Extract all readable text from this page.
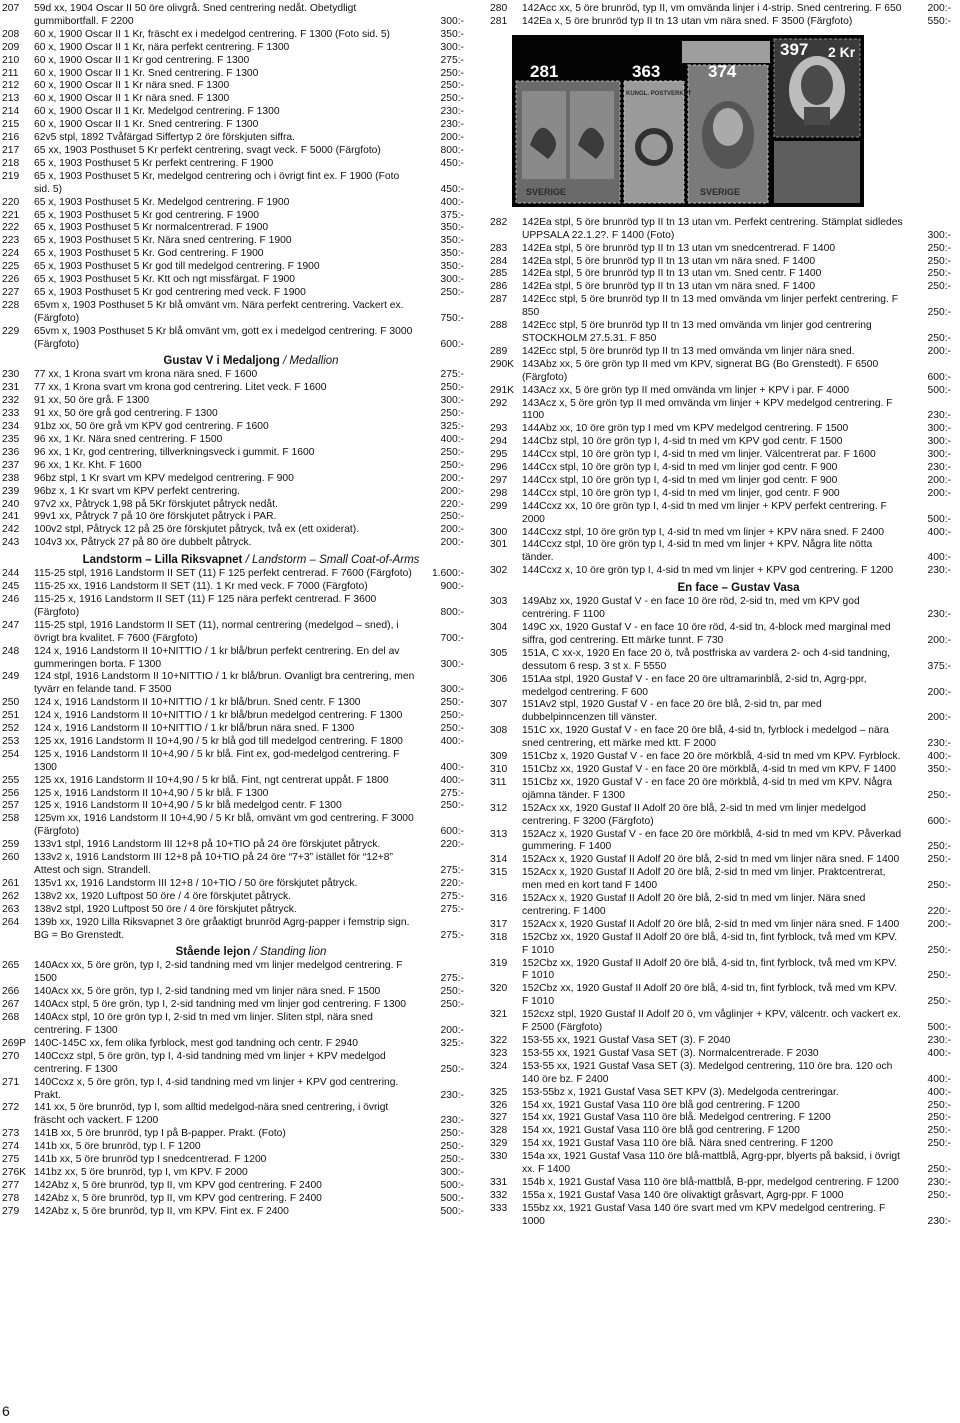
207 59d xx, 1904 Oscar II 50 öre olivgrå. Sned centrering nedåt. Obetydligt gummibortfall. F 2200	300:-
208 60 x, 1900 Oscar II 1 Kr, fräscht ex i medelgod centrering. F 1300 (Foto sid. 5)	350:-
209 60 x, 1900 Oscar II 1 Kr, nära perfekt centrering. F 1300	300:-
210 60 x, 1900 Oscar II 1 Kr god centrering. F 1300	275:-
211 60 x, 1900 Oscar II 1 Kr. Sned centrering. F 1300	250:-
212 60 x, 1900 Oscar II 1 Kr nära sned. F 1300	250:-
213 60 x, 1900 Oscar II 1 Kr nära sned. F 1300	250:-
214 60 x, 1900 Oscar II 1 Kr. Medelgod centrering. F 1300	230:-
215 60 x, 1900 Oscar II 1 Kr. Sned centrering. F 1300	230:-
216 62v5 stpl, 1892 Tvåfärgad Siffertyp 2 öre förskjuten siffra.	200:-
217 65 xx, 1903 Posthuset 5 Kr perfekt centrering, svagt veck. F 5000 (Färgfoto)	800:-
218 65 x, 1903 Posthuset 5 Kr perfekt centrering. F 1900	450:-
219 65 x, 1903 Posthuset 5 Kr, medelgod centrering och i övrigt fint ex. F 1900 (Foto sid. 5)	450:-
220 65 x, 1903 Posthuset 5 Kr. Medelgod centrering. F 1900	400:-
221 65 x, 1903 Posthuset 5 Kr god centrering. F 1900	375:-
222 65 x, 1903 Posthuset 5 Kr normalcentrerad. F 1900	350:-
223 65 x, 1903 Posthuset 5 Kr. Nära sned centrering. F 1900	350:-
224 65 x, 1903 Posthuset 5 Kr. God centrering. F 1900	350:-
225 65 x, 1903 Posthuset 5 Kr god till medelgod centrering. F 1900	350:-
226 65 x, 1903 Posthuset 5 Kr. Ktt och ngt missfärgat. F 1900	300:-
227 65 x, 1903 Posthuset 5 Kr god centrering med veck. F 1900	250:-
228 65vm x, 1903 Posthuset 5 Kr blå omvänt vm. Nära perfekt centrering. Vackert ex. (Färgfoto)	750:-
229 65vm x, 1903 Posthuset 5 Kr blå omvänt vm, gott ex i medelgod centrering. F 3000 (Färgfoto)	600:-
Gustav V i Medaljong / Medallion
230 77 xx, 1 Krona svart vm krona nära sned. F 1600	275:-
231 77 xx, 1 Krona svart vm krona god centrering. Litet veck. F 1600	250:-
232 91 xx, 50 öre grå. F 1300	300:-
233 91 xx, 50 öre grå god centrering. F 1300	250:-
234 91bz xx, 50 öre grå vm KPV god centrering. F 1600	325:-
235 96 xx, 1 Kr. Nära sned centrering. F 1500	400:-
236 96 xx, 1 Kr, god centrering, tillverkningsveck i gummit. F 1600	250:-
237 96 xx, 1 Kr. Kht. F 1600	250:-
238 96bz stpl, 1 Kr svart vm KPV medelgod centrering. F 900	200:-
239 96bz x, 1 Kr svart vm KPV perfekt centrering.	200:-
240 97v2 xx, Påtryck 1,98 på 5Kr förskjutet påtryck nedåt.	220:-
241 99v1 xx, Påtryck 7 på 10 öre förskjutet påtryck i PAR.	250:-
242 100v2 stpl, Påtryck 12 på 25 öre förskjutet påtryck, två ex (ett oxiderat).	200:-
243 104v3 xx, Påtryck 27 på 80 öre dubbelt påtryck.	200:-
Landstorm – Lilla Riksvapnet / Landstorm – Small Coat-of-Arms
244 115-25 stpl, 1916 Landstorm II SET (11) F 125 perfekt centrerad. F 7600 (Färgfoto)	1.600:-
245 115-25 xx, 1916 Landstorm II SET (11). 1 Kr med veck. F 7000 (Färgfoto)	900:-
246 115-25 x, 1916 Landstorm II SET (11) F 125 nära perfekt centrerad. F 3600 (Färgfoto)	800:-
247 115-25 stpl, 1916 Landstorm II SET (11), normal centrering (medelgod – sned), i övrigt bra kvalitet. F 7600 (Färgfoto)	700:-
248 124 x, 1916 Landstorm II 10+NITTIO / 1 kr blå/brun perfekt centrering. En del av gummeringen borta. F 1300	300:-
249 124 stpl, 1916 Landstorm II 10+NITTIO / 1 kr blå/brun. Ovanligt bra centrering, men tyvärr en felande tand. F 3500	300:-
250 124 x, 1916 Landstorm II 10+NITTIO / 1 kr blå/brun. Sned centr. F 1300	250:-
251 124 x, 1916 Landstorm II 10+NITTIO / 1 kr blå/brun medelgod centrering. F 1300	250:-
252 124 x, 1916 Landstorm II 10+NITTIO / 1 kr blå/brun nära sned. F 1300	250:-
253 125 xx, 1916 Landstorm II 10+4,90 / 5 kr blå god till medelgod centrering. F 1800	400:-
254 125 x, 1916 Landstorm II 10+4,90 / 5 kr blå. Fint ex, god-medelgod centrering. F 1300	400:-
255 125 xx, 1916 Landstorm II 10+4,90 / 5 kr blå. Fint, ngt centrerat uppåt. F 1800	400:-
256 125 x, 1916 Landstorm II 10+4,90 / 5 kr blå. F 1300	275:-
257 125 x, 1916 Landstorm II 10+4,90 / 5 kr blå medelgod centr. F 1300	250:-
258 125vm xx, 1916 Landstorm II 10+4,90 / 5 Kr blå, omvänt vm god centrering. F 3000 (Färgfoto)	600:-
259 133v1 stpl, 1916 Landstorm III 12+8 på 10+TIO på 24 öre förskjutet påtryck.	220:-
260 133v2 x, 1916 Landstorm III 12+8 på 10+TIO på 24 öre “7+3” istället för “12+8” Attest och sign. Strandell.	275:-
261 135v1 xx, 1916 Landstorm III 12+8 / 10+TIO / 50 öre förskjutet påtryck.	220:-
262 138v2 xx, 1920 Luftpost 50 öre / 4 öre förskjutet påtryck.	275:-
263 138v2 stpl, 1920 Luftpost 50 öre / 4 öre förskjutet påtryck.	275:-
264 139b xx, 1920 Lilla Riksvapnet 3 öre gråaktigt brunröd Agrg-papper i femstrip sign. BG = Bo Grenstedt.	275:-
Stående lejon / Standing lion
265 140Acx xx, 5 öre grön, typ I, 2-sid tandning med vm linjer medelgod centrering. F 1500	275:-
266 140Acx xx, 5 öre grön, typ I, 2-sid tandning med vm linjer nära sned. F 1500	250:-
267 140Acx stpl, 5 öre grön, typ I, 2-sid tandning med vm linjer god centrering. F 1300	250:-
268 140Acx stpl, 10 öre grön typ I, 2-sid tn med vm linjer. Sliten stpl, nära sned centrering. F 1300	200:-
269P 140C-145C xx, fem olika fyrblock, mest god tandning och centr. F 2940	325:-
270 140Ccxz stpl, 5 öre grön, typ I, 4-sid tandning med vm linjer + KPV medelgod centrering. F 1300	250:-
271 140Ccxz x, 5 öre grön, typ I, 4-sid tandning med vm linjer + KPV god centrering. Prakt.	230:-
272 141 xx, 5 öre brunröd, typ I, som alltid medelgod-nära sned centrering, i övrigt fräscht och vackert. F 1200	230:-
273 141B xx, 5 öre brunröd, typ I på B-papper. Prakt. (Foto)	250:-
274 141b xx, 5 öre brunröd, typ I. F 1200	250:-
275 141b xx, 5 öre brunröd typ I snedcentrerad. F 1200	250:-
276K 141bz xx, 5 öre brunröd, typ I, vm KPV. F 2000	300:-
277 142Abz x, 5 öre brunröd, typ II, vm KPV god centrering. F 2400	500:-
278 142Abz x, 5 öre brunröd, typ II, vm KPV god centrering. F 2400	500:-
279 142Abz x, 5 öre brunröd, typ II, vm KPV. Fint ex. F 2400	500:-
280 142Acc xx, 5 öre brunröd, typ II, vm omvända linjer i 4-strip. Sned centrering. F 650	200:-
281 142Ea x, 5 öre brunröd typ II tn 13 utan vm nära sned. F 3500 (Färgfoto)	550:-
397 2 Kr
281	363	374
SVERIGE
KUNGL. POSTVERKET
SVERIGE
282 142Ea stpl, 5 öre brunröd typ II tn 13 utan vm. Perfekt centrering. Stämplat sidledes UPPSALA 22.1.2?. F 1400 (Foto)	300:-
283 142Ea stpl, 5 öre brunröd typ II tn 13 utan vm snedcentrerad. F 1400	250:-
284 142Ea stpl, 5 öre brunröd typ II tn 13 utan vm nära sned. F 1400	250:-
285 142Ea stpl, 5 öre brunröd typ II tn 13 utan vm. Sned centr. F 1400	250:-
286 142Ea stpl, 5 öre brunröd typ II tn 13 utan vm nära sned. F 1400	250:-
287 142Ecc stpl, 5 öre brunröd typ II tn 13 med omvända vm linjer perfekt centrering. F 850	250:-
288 142Ecc stpl, 5 öre brunröd typ II tn 13 med omvända vm linjer god centrering STOCKHOLM 27.5.31. F 850	250:-
289 142Ecc stpl, 5 öre brunröd typ II tn 13 med omvända vm linjer nära sned.	200:-
290K 143Abz xx, 5 öre grön typ II med vm KPV, signerat BG (Bo Grenstedt). F 6500 (Färgfoto)	600:-
291K 143Acz xx, 5 öre grön typ II med omvända vm linjer + KPV i par. F 4000	500:-
292 143Acz x, 5 öre grön typ II med omvända vm linjer + KPV medelgod centrering. F 1100	230:-
293 144Abz xx, 10 öre grön typ I med vm KPV medelgod centrering. F 1500	300:-
294 144Cbz stpl, 10 öre grön typ I, 4-sid tn med vm KPV god centr. F 1500	300:-
295 144Ccx stpl, 10 öre grön typ I, 4-sid tn med vm linjer. Välcentrerat par. F 1600	300:-
296 144Ccx stpl, 10 öre grön typ I, 4-sid tn med vm linjer god centr. F 900	230:-
297 144Ccx stpl, 10 öre grön typ I, 4-sid tn med vm linjer god centr. F 900	200:-
298 144Ccx stpl, 10 öre grön typ I, 4-sid tn med vm linjer, god centr. F 900	200:-
299 144Ccxz xx, 10 öre grön typ I, 4-sid tn med vm linjer + KPV perfekt centrering. F 2000	500:-
300 144Ccxz stpl, 10 öre grön typ I, 4-sid tn med vm linjer + KPV nära sned. F 2400	400:-
301 144Ccxz stpl, 10 öre grön typ I, 4-sid tn med vm linjer + KPV. Några lite nötta tänder.	400:-
302 144Ccxz x, 10 öre grön typ I, 4-sid tn med vm linjer + KPV god centrering. F 1200	230:-
En face – Gustav Vasa
303 149Abz xx, 1920 Gustaf V - en face 10 öre röd, 2-sid tn, med vm KPV god centrering. F 1100	230:-
304 149C xx, 1920 Gustaf V - en face 10 öre röd, 4-sid tn, 4-block med marginal med siffra, god centrering. Ett märke tunnt. F 730	200:-
305 151A, C xx-x, 1920 En face 20 ö, två postfriska av vardera 2- och 4-sid tandning, dessutom 6 resp. 3 st x. F 5550	375:-
306 151Aa stpl, 1920 Gustaf V - en face 20 öre ultramarinblå, 2-sid tn, Agrg-ppr, medelgod centrering. F 600	200:-
307 151Av2 stpl, 1920 Gustaf V - en face 20 öre blå, 2-sid tn, par med dubbelpinncenzen till vänster.	200:-
308 151C xx, 1920 Gustaf V - en face 20 öre blå, 4-sid tn, fyrblock i medelgod – nära sned centrering, ett märke med ktt. F 2000	230:-
309 151Cbz x, 1920 Gustaf V - en face 20 öre mörkblå, 4-sid tn med vm KPV. Fyrblock.	400:-
310 151Cbz xx, 1920 Gustaf V - en face 20 öre mörkblå, 4-sid tn med vm KPV. F 1400	350:-
311 151Cbz xx, 1920 Gustaf V - en face 20 öre mörkblå, 4-sid tn med vm KPV. Några ojämna tänder. F 1300	250:-
312 152Acx xx, 1920 Gustaf II Adolf 20 öre blå, 2-sid tn med vm linjer medelgod centrering. F 3200 (Färgfoto)	600:-
313 152Acz x, 1920 Gustaf V - en face 20 öre mörkblå, 4-sid tn med vm KPV. Påverkad gummering. F 1400	250:-
314 152Acx x, 1920 Gustaf II Adolf 20 öre blå, 2-sid tn med vm linjer nära sned. F 1400	250:-
315 152Acx x, 1920 Gustaf II Adolf 20 öre blå, 2-sid tn med vm linjer. Praktcentrerat, men med en kort tand F 1400	250:-
316 152Acx x, 1920 Gustaf II Adolf 20 öre blå, 2-sid tn med vm linjer. Nära sned centrering. F 1400	220:-
317 152Acx x, 1920 Gustaf II Adolf 20 öre blå, 2-sid tn med vm linjer nära sned. F 1400	200:-
318 152Cbz xx, 1920 Gustaf II Adolf 20 öre blå, 4-sid tn, fint fyrblock, två med vm KPV. F 1010	250:-
319 152Cbz xx, 1920 Gustaf II Adolf 20 öre blå, 4-sid tn, fint fyrblock, två med vm KPV. F 1010	250:-
320 152Cbz xx, 1920 Gustaf II Adolf 20 öre blå, 4-sid tn, fint fyrblock, två med vm KPV. F 1010	250:-
321 152cxz stpl, 1920 Gustaf II Adolf 20 ö, vm våglinjer + KPV, välcentr. och vackert ex. F 2500 (Färgfoto)	500:-
322 153-55 xx, 1921 Gustaf Vasa SET (3). F 2040	230:-
323 153-55 xx, 1921 Gustaf Vasa SET (3). Normalcentrerade. F 2030	400:-
324 153-55 xx, 1921 Gustaf Vasa SET (3). Medelgod centrering, 110 öre bra. 120 och 140 öre bz. F 2400	400:-
325 153-55bz x, 1921 Gustaf Vasa SET KPV (3). Medelgoda centreringar.	400:-
326 154 xx, 1921 Gustaf Vasa 110 öre blå god centrering. F 1200	250:-
327 154 xx, 1921 Gustaf Vasa 110 öre blå. Medelgod centrering. F 1200	250:-
328 154 xx, 1921 Gustaf Vasa 110 öre blå god centrering. F 1200	250:-
329 154 xx, 1921 Gustaf Vasa 110 öre blå. Nära sned centrering. F 1200	250:-
330 154a xx, 1921 Gustaf Vasa 110 öre blå-mattblå, Agrg-ppr, blyerts på baksid, i övrigt xx. F 1400	250:-
331 154b x, 1921 Gustaf Vasa 110 öre blå-mattblå, B-ppr, medelgod centrering. F 1200	230:-
332 155a x, 1921 Gustaf Vasa 140 öre olivaktigt gråsvart, Agrg-ppr. F 1000	250:-
333 155bz xx, 1921 Gustaf Vasa 140 öre svart med vm KPV medelgod centrering. F 1000	230:-
6
